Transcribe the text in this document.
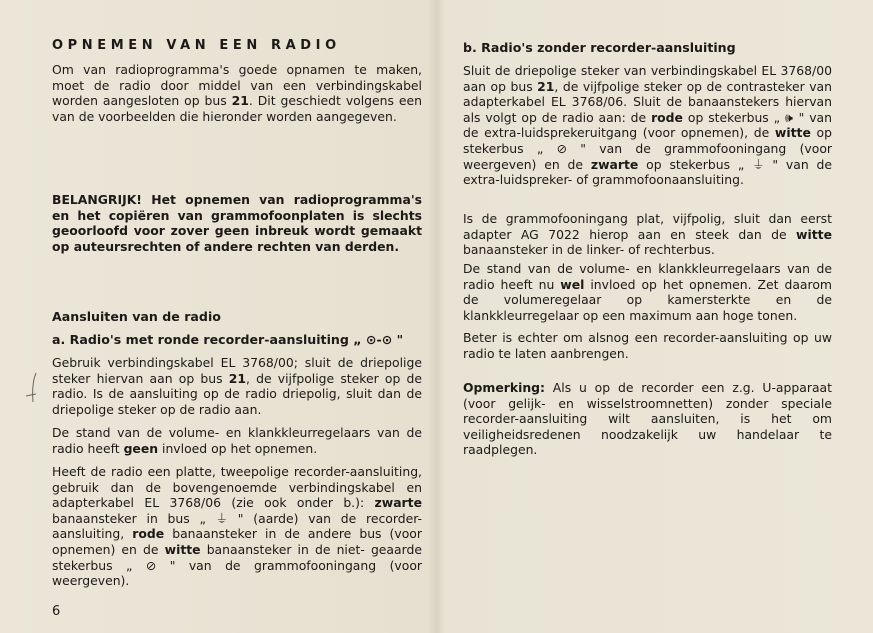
OPNEMEN VAN EEN RADIO

Om van radioprogramma's goede opnamen te maken, moet de radio door middel van een verbindingskabel worden aangesloten op bus 21. Dit geschiedt volgens een van de voorbeelden die hieronder worden aangegeven.

BELANGRIJK! Het opnemen van radioprogramma's en het copiëren van grammofoonplaten is slechts geoorloofd voor zover geen inbreuk wordt gemaakt op auteursrechten of andere rechten van derden.

Aansluiten van de radio

a. Radio's met ronde recorder-aansluiting „ ⊙-⊙ "

Gebruik verbindingskabel EL 3768/00; sluit de driepolige steker hiervan aan op bus 21, de vijfpolige steker op de radio. Is de aansluiting op de radio driepolig, sluit dan de driepolige steker op de radio aan.

De stand van de volume- en klankkleurregelaars van de radio heeft geen invloed op het opnemen.

Heeft de radio een platte, tweepolige recorder-aansluiting, gebruik dan de bovengenoemde verbindingskabel en adapterkabel EL 3768/06 (zie ook onder b.): zwarte banaansteker in bus „ ⏚ " (aarde) van de recorder-aansluiting, rode banaansteker in de andere bus (voor opnemen) en de witte banaansteker in de niet- geaarde stekerbus „ ⊘ " van de grammofooningang (voor weergeven).

6

b. Radio's zonder recorder-aansluiting

Sluit de driepolige steker van verbindingskabel EL 3768/00 aan op bus 21, de vijfpolige steker op de contrasteker van adapterkabel EL 3768/06. Sluit de banaanstekers hiervan als volgt op de radio aan: de rode op stekerbus „ 🕪 " van de extra-luidsprekeruitgang (voor opnemen), de witte op stekerbus „ ⊘ " van de grammofooningang (voor weergeven) en de zwarte op stekerbus „ ⏚ " van de extra-luidspreker- of grammofoonaansluiting.

Is de grammofooningang plat, vijfpolig, sluit dan eerst adapter AG 7022 hierop aan en steek dan de witte banaansteker in de linker- of rechterbus.

De stand van de volume- en klankkleurregelaars van de radio heeft nu wel invloed op het opnemen. Zet daarom de volumeregelaar op kamersterkte en de klankkleurregelaar op een maximum aan hoge tonen.

Beter is echter om alsnog een recorder-aansluiting op uw radio te laten aanbrengen.

Opmerking: Als u op de recorder een z.g. U-apparaat (voor gelijk- en wisselstroomnetten) zonder speciale recorder-aansluiting wilt aansluiten, is het om veiligheidsredenen noodzakelijk uw handelaar te raadplegen.
